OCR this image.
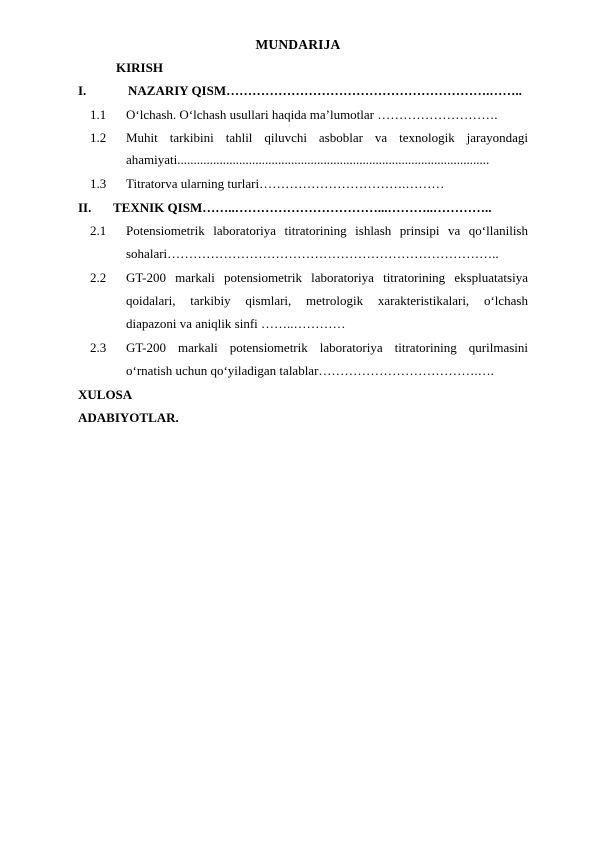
MUNDARIJA
KIRISH
I.	NAZARIY QISM…………………………………………………….……..
1.1 O‘lchash. O‘lchash usullari haqida ma’lumotlar ……………………….
1.2 Muhit tarkibini tahlil qiluvchi asboblar va texnologik jarayondagi
ahamiyati................................................................................................
1.3 Titratorva ularning turlari…………………………….………
II. TEXNIK QISM……..……………………………...………..…………..
2.1 Potensiometrik laboratoriya titratorining ishlash prinsipi va qo‘llanilish
sohalari…………………………………………………………………..
2.2 GT-200 markali potensiometrik laboratoriya titratorining ekspluatatsiya
qoidalari, tarkibiy qismlari, metrologik xarakteristikalari, o‘lchash
diapazoni va aniqlik sinfi ……..…………
2.3 GT-200 markali potensiometrik laboratoriya titratorining qurilmasini
o‘rnatish uchun qo‘yiladigan talablar……………………………….….
XULOSA
ADABIYOTLAR.
